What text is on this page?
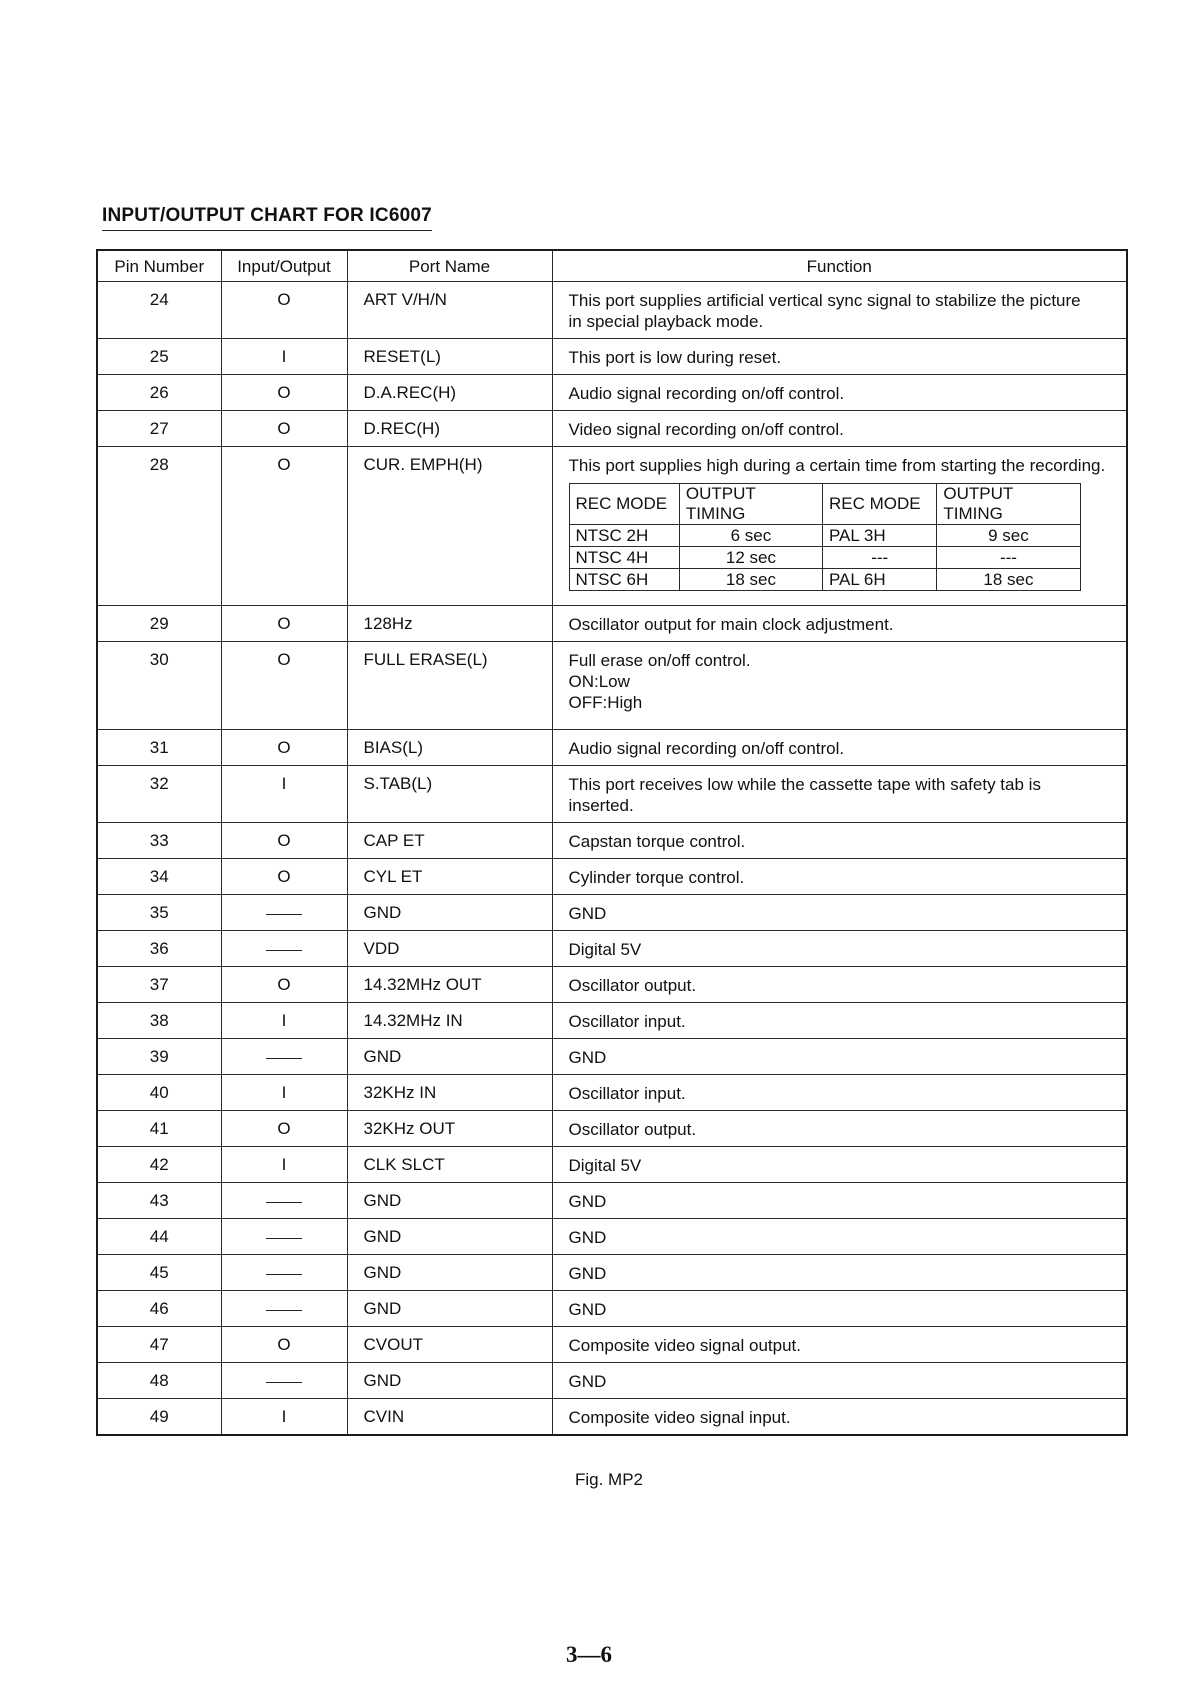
INPUT/OUTPUT CHART FOR IC6007
Pin Number	Input/Output	Port Name	Function
24	O	ART V/H/N	This port supplies artificial vertical sync signal to stabilize the picture
in special playback mode.

25	I	RESET(L)	This port is low during reset.

26	O	D.A.REC(H)	Audio signal recording on/off control.

27	O	D.REC(H)	Video signal recording on/off control.

28	O	CUR. EMPH(H)	This port supplies high during a certain time from starting the recording.
REC MODE	OUTPUT TIMING	REC MODE	OUTPUT TIMING
NTSC 2H	6 sec	PAL 3H	9 sec
NTSC 4H	12 sec	---	---
NTSC 6H	18 sec	PAL 6H	18 sec

29	O	128Hz	Oscillator output for main clock adjustment.

30	O	FULL ERASE(L)	Full erase on/off control.
ON:Low
OFF:High

31	O	BIAS(L)	Audio signal recording on/off control.

32	I	S.TAB(L)	This port receives low while the cassette tape with safety tab is
inserted.

33	O	CAP ET	Capstan torque control.

34	O	CYL ET	Cylinder torque control.

35		GND	GND

36		VDD	Digital 5V

37	O	14.32MHz OUT	Oscillator output.

38	I	14.32MHz IN	Oscillator input.

39		GND	GND

40	I	32KHz IN	Oscillator input.

41	O	32KHz OUT	Oscillator output.

42	I	CLK SLCT	Digital 5V

43		GND	GND

44		GND	GND

45		GND	GND

46		GND	GND

47	O	CVOUT	Composite video signal output.

48		GND	GND

49	I	CVIN	Composite video signal input.
Fig. MP2
3—6
